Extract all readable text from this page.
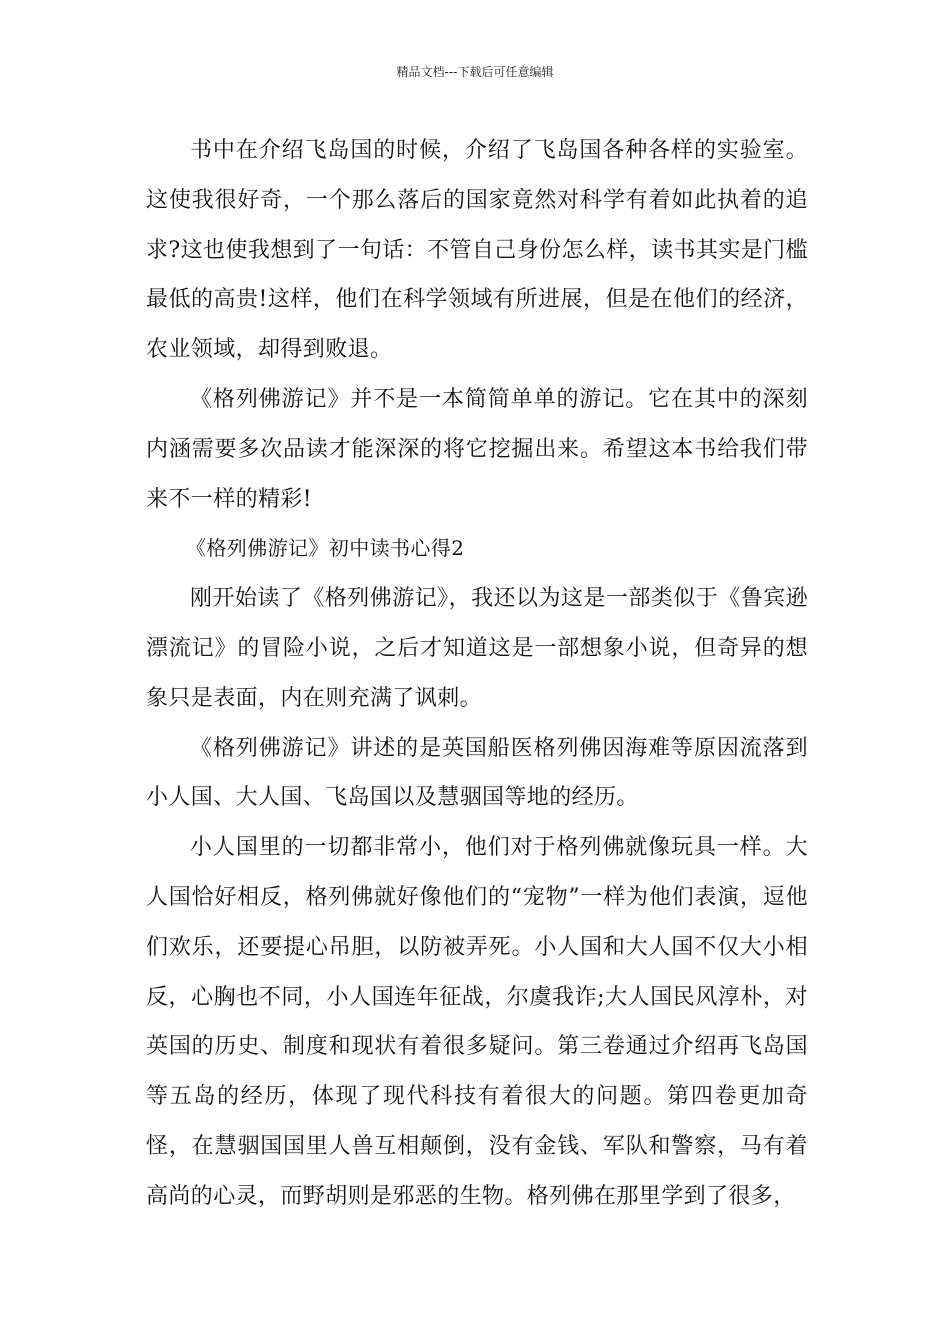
精品文档---下载后可任意编辑

书中在介绍飞岛国的时候，介绍了飞岛国各种各样的实验室。这使我很好奇，一个那么落后的国家竟然对科学有着如此执着的追求?这也使我想到了一句话：不管自己身份怎么样，读书其实是门槛最低的高贵!这样，他们在科学领域有所进展，但是在他们的经济，农业领域，却得到败退。

《格列佛游记》并不是一本简简单单的游记。它在其中的深刻内涵需要多次品读才能深深的将它挖掘出来。希望这本书给我们带来不一样的精彩!

《格列佛游记》初中读书心得2

刚开始读了《格列佛游记》，我还以为这是一部类似于《鲁宾逊漂流记》的冒险小说，之后才知道这是一部想象小说，但奇异的想象只是表面，内在则充满了讽刺。

《格列佛游记》讲述的是英国船医格列佛因海难等原因流落到小人国、大人国、飞岛国以及慧骃国等地的经历。

小人国里的一切都非常小，他们对于格列佛就像玩具一样。大人国恰好相反，格列佛就好像他们的“宠物”一样为他们表演，逗他们欢乐，还要提心吊胆，以防被弄死。小人国和大人国不仅大小相反，心胸也不同，小人国连年征战，尔虞我诈;大人国民风淳朴，对英国的历史、制度和现状有着很多疑问。第三卷通过介绍再飞岛国等五岛的经历，体现了现代科技有着很大的问题。第四卷更加奇怪，在慧骃国国里人兽互相颠倒，没有金钱、军队和警察，马有着高尚的心灵，而野胡则是邪恶的生物。格列佛在那里学到了很多，
